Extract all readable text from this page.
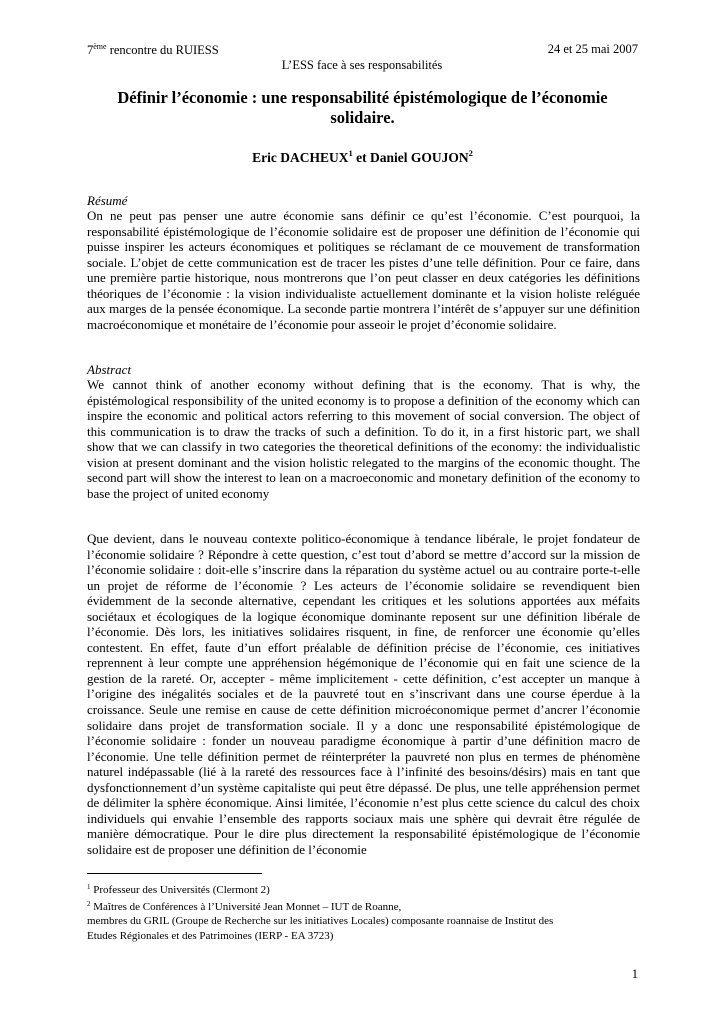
7ème rencontre du RUIESS	24 et 25 mai 2007
L’ESS face à ses responsabilités
Définir l’économie : une responsabilité épistémologique de l’économie
solidaire.
Eric DACHEUX$^1$ et Daniel GOUJON$^2$
Résumé

On ne peut pas penser une autre économie sans définir ce qu’est l’économie. C’est pourquoi, la responsabilité épistémologique de l’économie solidaire est de proposer une définition de l’économie qui puisse inspirer les acteurs économiques et politiques se réclamant de ce mouvement de transformation sociale. L’objet de cette communication est de tracer les pistes d’une telle définition. Pour ce faire, dans une première partie historique, nous montrerons que l’on peut classer en deux catégories les définitions théoriques de l’économie : la vision individualiste actuellement dominante et la vision holiste reléguée aux marges de la pensée économique. La seconde partie montrera l’intérêt de s’appuyer sur une définition macroéconomique et monétaire de l’économie pour asseoir le projet d’économie solidaire.

Abstract

We cannot think of another economy without defining that is the economy. That is why, the épistémological responsibility of the united economy is to propose a definition of the economy which can inspire the economic and political actors referring to this movement of social conversion. The object of this communication is to draw the tracks of such a definition. To do it, in a first historic part, we shall show that we can classify in two categories the theoretical definitions of the economy: the individualistic vision at present dominant and the vision holistic relegated to the margins of the economic thought. The second part will show the interest to lean on a macroeconomic and monetary definition of the economy to base the project of united economy

Que devient, dans le nouveau contexte politico-économique à tendance libérale, le projet fondateur de l’économie solidaire ? Répondre à cette question, c’est tout d’abord se mettre d’accord sur la mission de l’économie solidaire : doit-elle s’inscrire dans la réparation du système actuel ou au contraire porte-t-elle un projet de réforme de l’économie ? Les acteurs de l’économie solidaire se revendiquent bien évidemment de la seconde alternative, cependant les critiques et les solutions apportées aux méfaits sociétaux et écologiques de la logique économique dominante reposent sur une définition libérale de l’économie. Dès lors, les initiatives solidaires risquent, in fine, de renforcer une économie qu’elles contestent. En effet, faute d’un effort préalable de définition précise de l’économie, ces initiatives reprennent à leur compte une appréhension hégémonique de l’économie qui en fait une science de la gestion de la rareté. Or, accepter - même implicitement - cette définition, c’est accepter un manque à l’origine des inégalités sociales et de la pauvreté tout en s’inscrivant dans une course éperdue à la croissance. Seule une remise en cause de cette définition microéconomique permet d’ancrer l’économie solidaire dans projet de transformation sociale. Il y a donc une responsabilité épistémologique de l’économie solidaire : fonder un nouveau paradigme économique à partir d’une définition macro de l’économie. Une telle définition permet de réinterpréter la pauvreté non plus en termes de phénomène naturel indépassable (lié à la rareté des ressources face à l’infinité des besoins/désirs) mais en tant que dysfonctionnement d’un système capitaliste qui peut être dépassé. De plus, une telle appréhension permet de délimiter la sphère économique. Ainsi limitée, l’économie n’est plus cette science du calcul des choix individuels qui envahie l’ensemble des rapports sociaux mais une sphère qui devrait être régulée de manière démocratique. Pour le dire plus directement la responsabilité épistémologique de l’économie solidaire est de proposer une définition de l’économie

$^1$ Professeur des Universités (Clermont 2)
$^2$ Maîtres de Conférences à l’Université Jean Monnet – IUT de Roanne,
membres du GRIL (Groupe de Recherche sur les initiatives Locales) composante roannaise de Institut des
Etudes Régionales et des Patrimoines (IERP - EA 3723)
1
